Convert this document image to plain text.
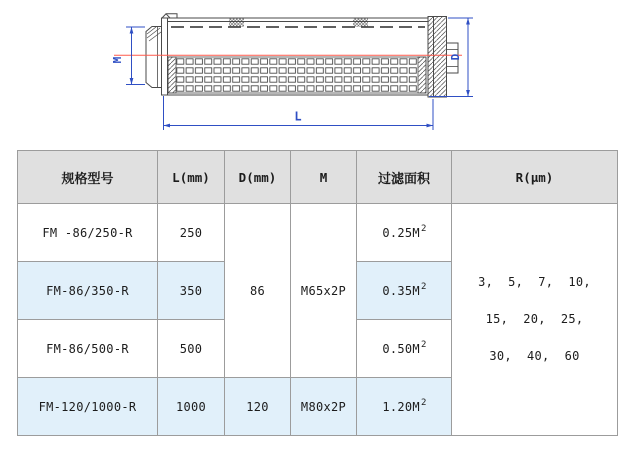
M	D
L
规格型号	L(mm)	D(mm)	M	过滤面积	R(μm)
FM -86/250-R	250	86	M65x2P	$0.25M^2$	3,  5,  7,  10,
15,  20,  25,
30,  40,  60

FM-86/350-R	350			$0.35M^2$
FM-86/500-R	500			$0.50M^2$
FM-120/1000-R	1000	120	M80x2P	$1.20M^2$
